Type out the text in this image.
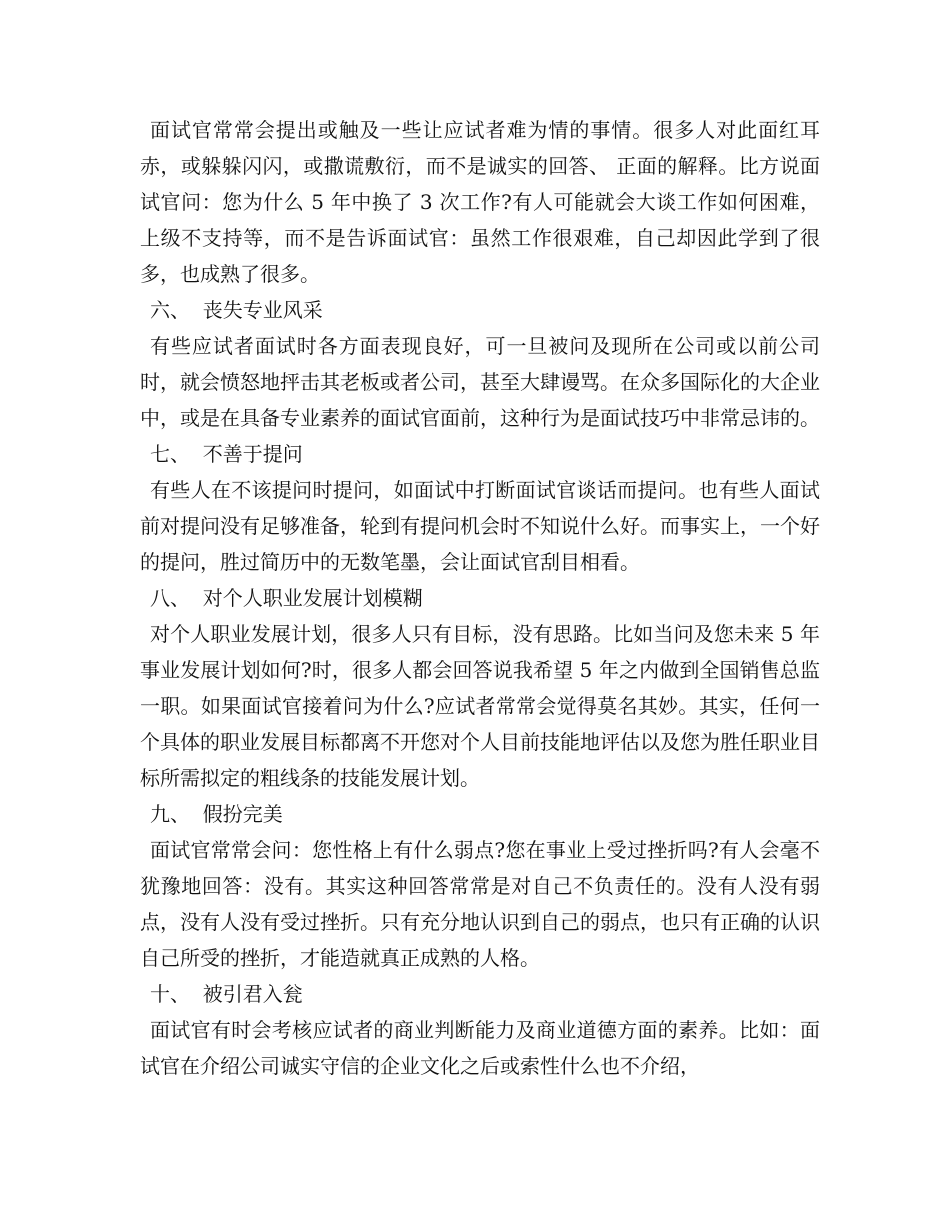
面试官常常会提出或触及一些让应试者难为情的事情。很多人对此面红耳赤，或躲躲闪闪，或撒谎敷衍，而不是诚实的回答、 正面的解释。比方说面试官问：您为什么 5 年中换了 3 次工作?有人可能就会大谈工作如何困难，上级不支持等，而不是告诉面试官：虽然工作很艰难，自己却因此学到了很多，也成熟了很多。

六、  丧失专业风采

有些应试者面试时各方面表现良好，可一旦被问及现所在公司或以前公司时，就会愤怒地抨击其老板或者公司，甚至大肆谩骂。在众多国际化的大企业中，或是在具备专业素养的面试官面前，这种行为是面试技巧中非常忌讳的。

七、  不善于提问

有些人在不该提问时提问，如面试中打断面试官谈话而提问。也有些人面试前对提问没有足够准备，轮到有提问机会时不知说什么好。而事实上，一个好的提问，胜过简历中的无数笔墨，会让面试官刮目相看。

八、  对个人职业发展计划模糊

对个人职业发展计划，很多人只有目标，没有思路。比如当问及您未来 5 年事业发展计划如何?时，很多人都会回答说我希望 5 年之内做到全国销售总监一职。如果面试官接着问为什么?应试者常常会觉得莫名其妙。其实，任何一个具体的职业发展目标都离不开您对个人目前技能地评估以及您为胜任职业目标所需拟定的粗线条的技能发展计划。

九、  假扮完美

面试官常常会问：您性格上有什么弱点?您在事业上受过挫折吗?有人会毫不犹豫地回答：没有。其实这种回答常常是对自己不负责任的。没有人没有弱点，没有人没有受过挫折。只有充分地认识到自己的弱点，也只有正确的认识自己所受的挫折，才能造就真正成熟的人格。

十、  被引君入瓮

面试官有时会考核应试者的商业判断能力及商业道德方面的素养。比如：面试官在介绍公司诚实守信的企业文化之后或索性什么也不介绍，
